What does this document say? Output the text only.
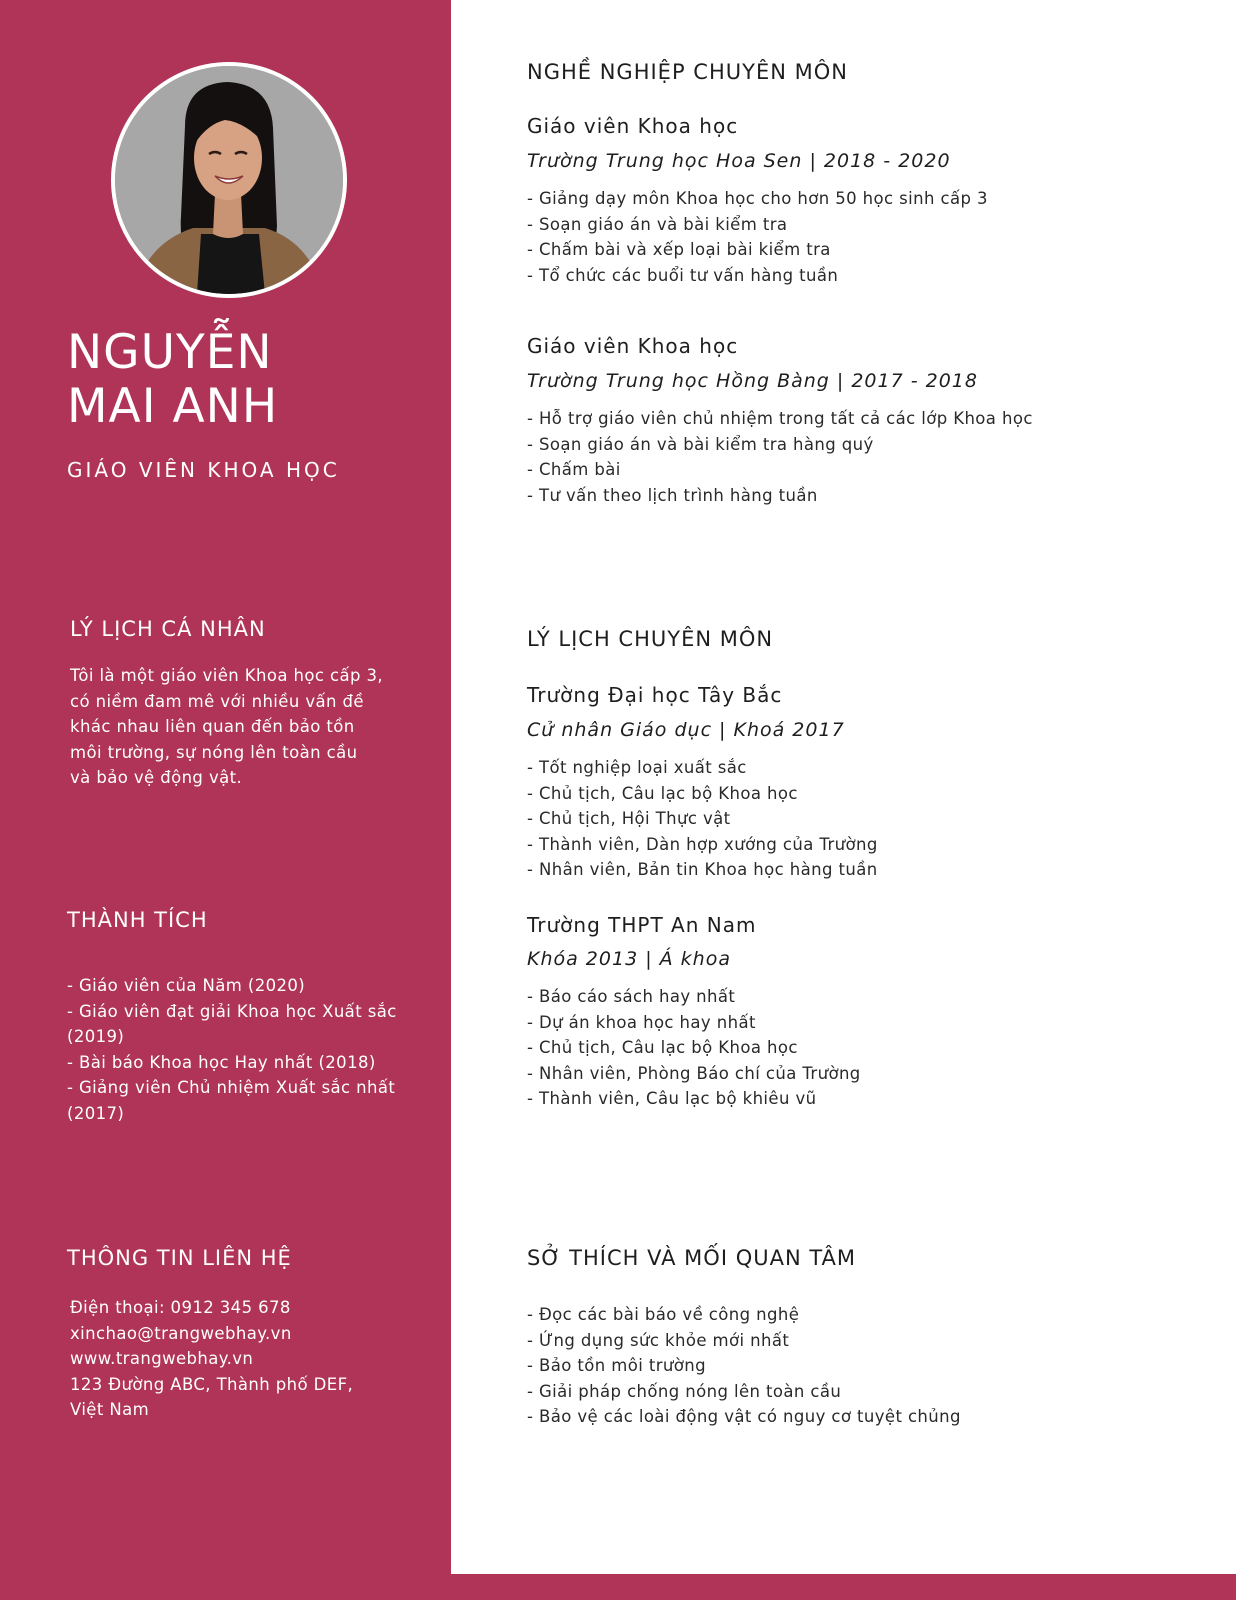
NGUYỄN
MAI ANH
GIÁO VIÊN KHOA HỌC
LÝ LỊCH CÁ NHÂN
Tôi là một giáo viên Khoa học cấp 3,
có niềm đam mê với nhiều vấn đề
khác nhau liên quan đến bảo tồn
môi trường, sự nóng lên toàn cầu
và bảo vệ động vật.
THÀNH TÍCH
- Giáo viên của Năm (2020)
- Giáo viên đạt giải Khoa học Xuất sắc
(2019)
- Bài báo Khoa học Hay nhất (2018)
- Giảng viên Chủ nhiệm Xuất sắc nhất
(2017)
THÔNG TIN LIÊN HỆ
Điện thoại: 0912 345 678
xinchao@trangwebhay.vn
www.trangwebhay.vn
123 Đường ABC, Thành phố DEF,
Việt Nam
NGHỀ NGHIỆP CHUYÊN MÔN
Giáo viên Khoa học
Trường Trung học Hoa Sen | 2018 - 2020
- Giảng dạy môn Khoa học cho hơn 50 học sinh cấp 3
- Soạn giáo án và bài kiểm tra
- Chấm bài và xếp loại bài kiểm tra
- Tổ chức các buổi tư vấn hàng tuần
Giáo viên Khoa học
Trường Trung học Hồng Bàng | 2017 - 2018
- Hỗ trợ giáo viên chủ nhiệm trong tất cả các lớp Khoa học
- Soạn giáo án và bài kiểm tra hàng quý
- Chấm bài
- Tư vấn theo lịch trình hàng tuần
LÝ LỊCH CHUYÊN MÔN
Trường Đại học Tây Bắc
Cử nhân Giáo dục | Khoá 2017
- Tốt nghiệp loại xuất sắc
- Chủ tịch, Câu lạc bộ Khoa học
- Chủ tịch, Hội Thực vật
- Thành viên, Dàn hợp xướng của Trường
- Nhân viên, Bản tin Khoa học hàng tuần
Trường THPT An Nam
Khóa 2013 | Á khoa
- Báo cáo sách hay nhất
- Dự án khoa học hay nhất
- Chủ tịch, Câu lạc bộ Khoa học
- Nhân viên, Phòng Báo chí của Trường
- Thành viên, Câu lạc bộ khiêu vũ
SỞ THÍCH VÀ MỐI QUAN TÂM
- Đọc các bài báo về công nghệ
- Ứng dụng sức khỏe mới nhất
- Bảo tồn môi trường
- Giải pháp chống nóng lên toàn cầu
- Bảo vệ các loài động vật có nguy cơ tuyệt chủng
